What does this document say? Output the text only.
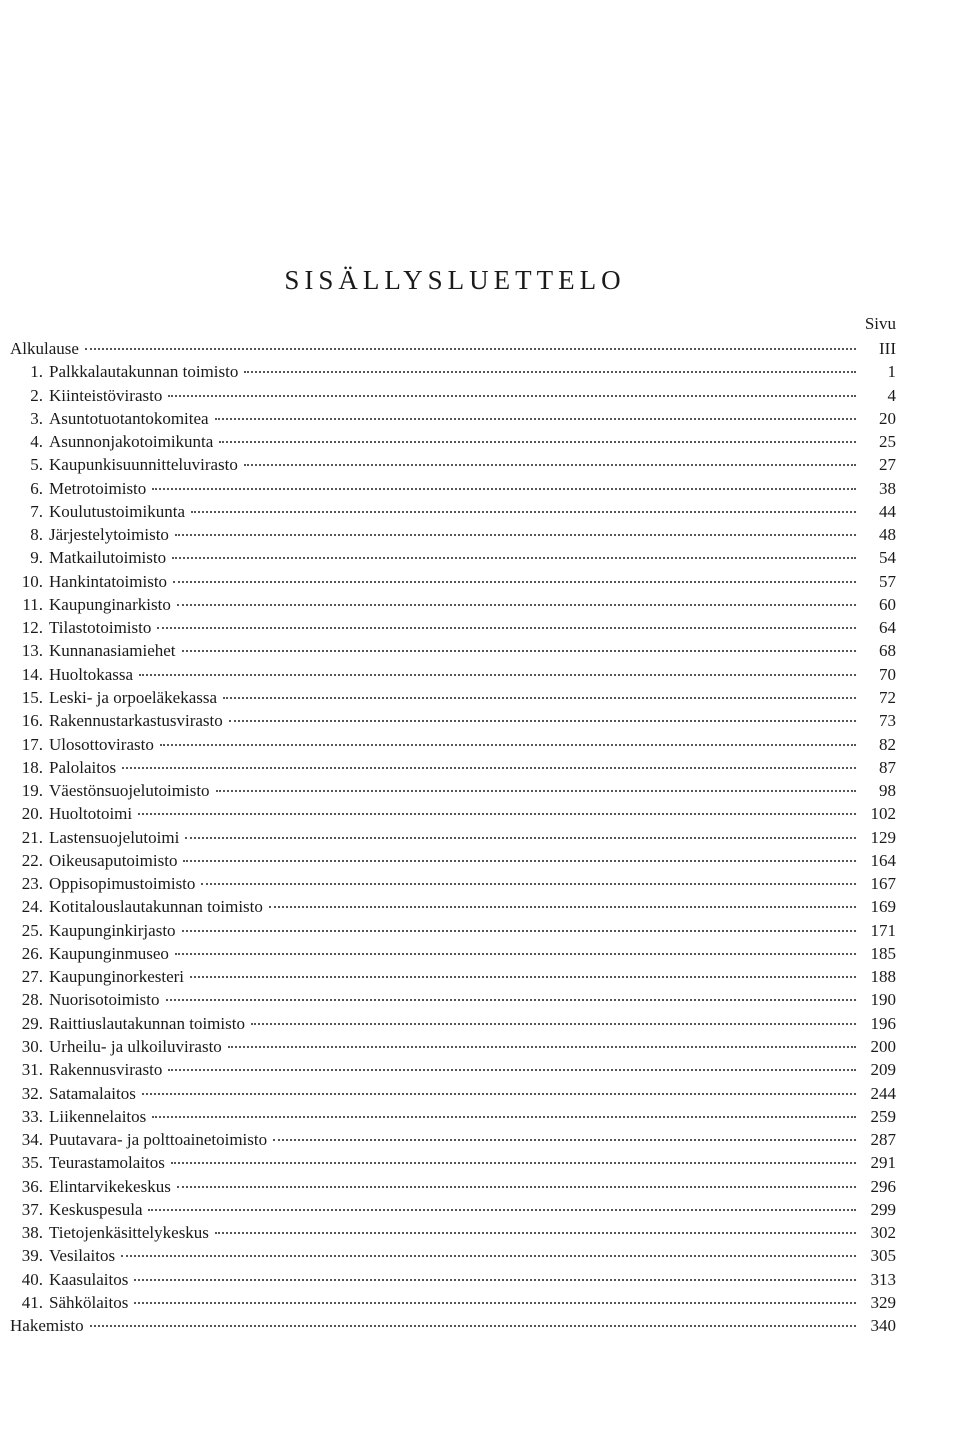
SISÄLLYSLUETTELO
Sivu
Alkulause	III
1. Palkkalautakunnan toimisto	1
2. Kiinteistövirasto	4
3. Asuntotuotantokomitea	20
4. Asunnonjakotoimikunta	25
5. Kaupunkisuunnitteluvirasto	27
6. Metrotoimisto	38
7. Koulutustoimikunta	44
8. Järjestelytoimisto	48
9. Matkailutoimisto	54
10. Hankintatoimisto	57
11. Kaupunginarkisto	60
12. Tilastotoimisto	64
13. Kunnanasiamiehet	68
14. Huoltokassa	70
15. Leski- ja orpoeläkekassa	72
16. Rakennustarkastusvirasto	73
17. Ulosottovirasto	82
18. Palolaitos	87
19. Väestönsuojelutoimisto	98
20. Huoltotoimi	102
21. Lastensuojelutoimi	129
22. Oikeusaputoimisto	164
23. Oppisopimustoimisto	167
24. Kotitalouslautakunnan toimisto	169
25. Kaupunginkirjasto	171
26. Kaupunginmuseo	185
27. Kaupunginorkesteri	188
28. Nuorisotoimisto	190
29. Raittiuslautakunnan toimisto	196
30. Urheilu- ja ulkoiluvirasto	200
31. Rakennusvirasto	209
32. Satamalaitos	244
33. Liikennelaitos	259
34. Puutavara- ja polttoainetoimisto	287
35. Teurastamolaitos	291
36. Elintarvikekeskus	296
37. Keskuspesula	299
38. Tietojenkäsittelykeskus	302
39. Vesilaitos	305
40. Kaasulaitos	313
41. Sähkölaitos	329
Hakemisto	340
